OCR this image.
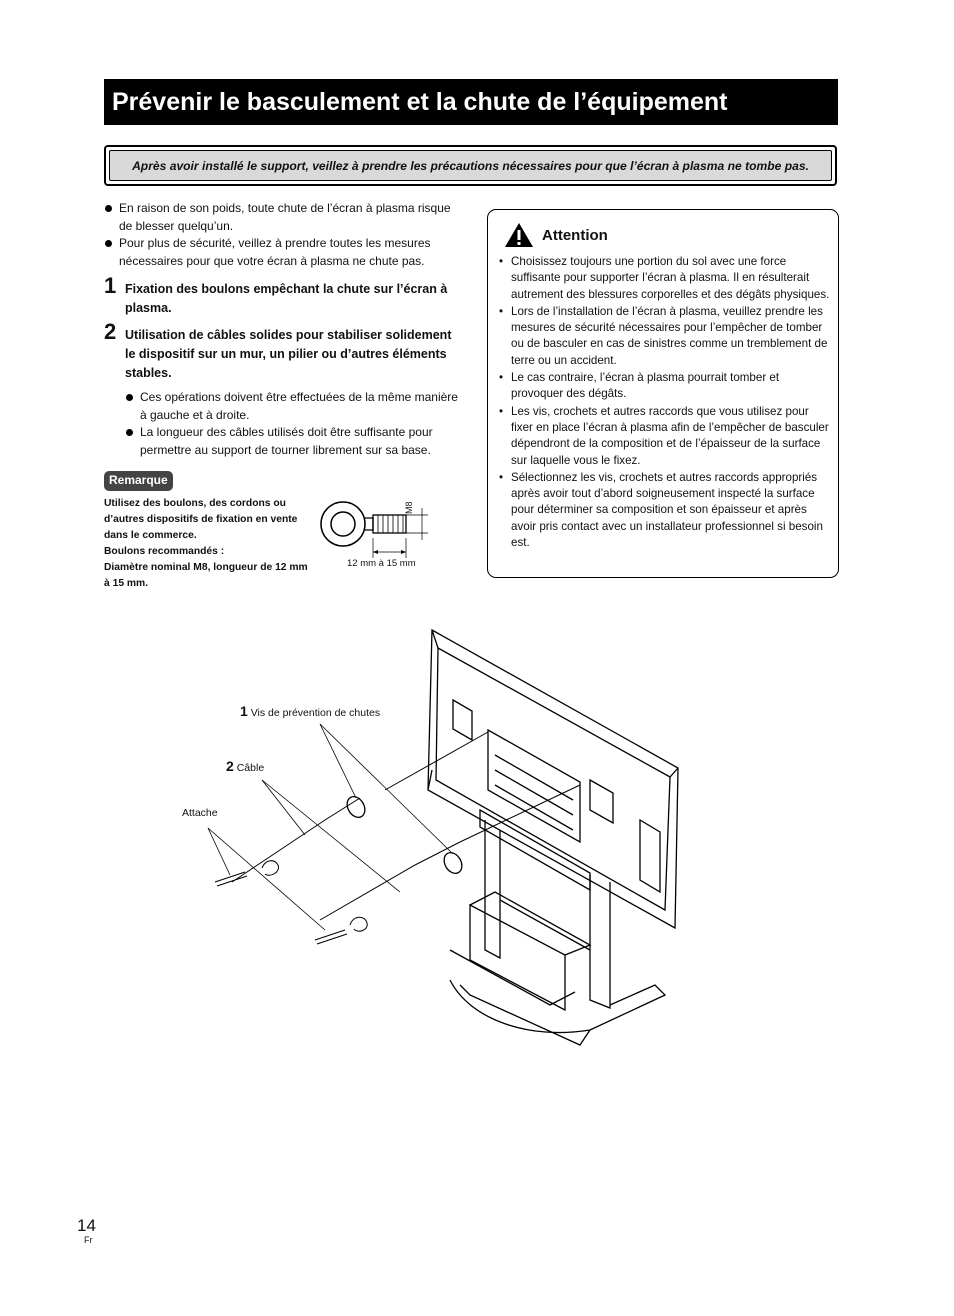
Prévenir le basculement et la chute de l’équipement
Après avoir installé le support, veillez à prendre les précautions nécessaires pour que l’écran à plasma ne tombe pas.

En raison de son poids, toute chute de l’écran à plasma risque de blesser quelqu’un.

Pour plus de sécurité, veillez à prendre toutes les mesures nécessaires pour que votre écran à plasma ne chute pas.

1 Fixation des boulons empêchant la chute sur l’écran à plasma.
2 Utilisation de câbles solides pour stabiliser solidement le dispositif sur un mur, un pilier ou d’autres éléments stables.

Ces opérations doivent être effectuées de la même manière à gauche et à droite.

La longueur des câbles utilisés doit être suffisante pour permettre au support de tourner librement sur sa base.

Remarque
Utilisez des boulons, des cordons ou d’autres dispositifs de fixation en vente dans le commerce.
Boulons recommandés :
Diamètre nominal M8, longueur de 12 mm à 15 mm.
M8
12 mm à 15 mm
Attention

• Choisissez toujours une portion du sol avec une force suffisante pour supporter l’écran à plasma. Il en résulterait autrement des blessures corporelles et des dégâts physiques.

• Lors de l’installation de l’écran à plasma, veuillez prendre les mesures de sécurité nécessaires pour l’empêcher de tomber ou de basculer en cas de sinistres comme un tremblement de terre ou un accident.

• Le cas contraire, l’écran à plasma pourrait tomber et provoquer des dégâts.

• Les vis, crochets et autres raccords que vous utilisez pour fixer en place l’écran à plasma afin de l’empêcher de basculer dépendront de la composition et de l’épaisseur de la surface sur laquelle vous le fixez.

• Sélectionnez les vis, crochets et autres raccords appropriés après avoir tout d’abord soigneusement inspecté la surface pour déterminer sa composition et son épaisseur et après avoir pris contact avec un installateur professionnel si besoin est.

1 Vis de prévention de chutes
2 Câble
Attache
14
Fr
